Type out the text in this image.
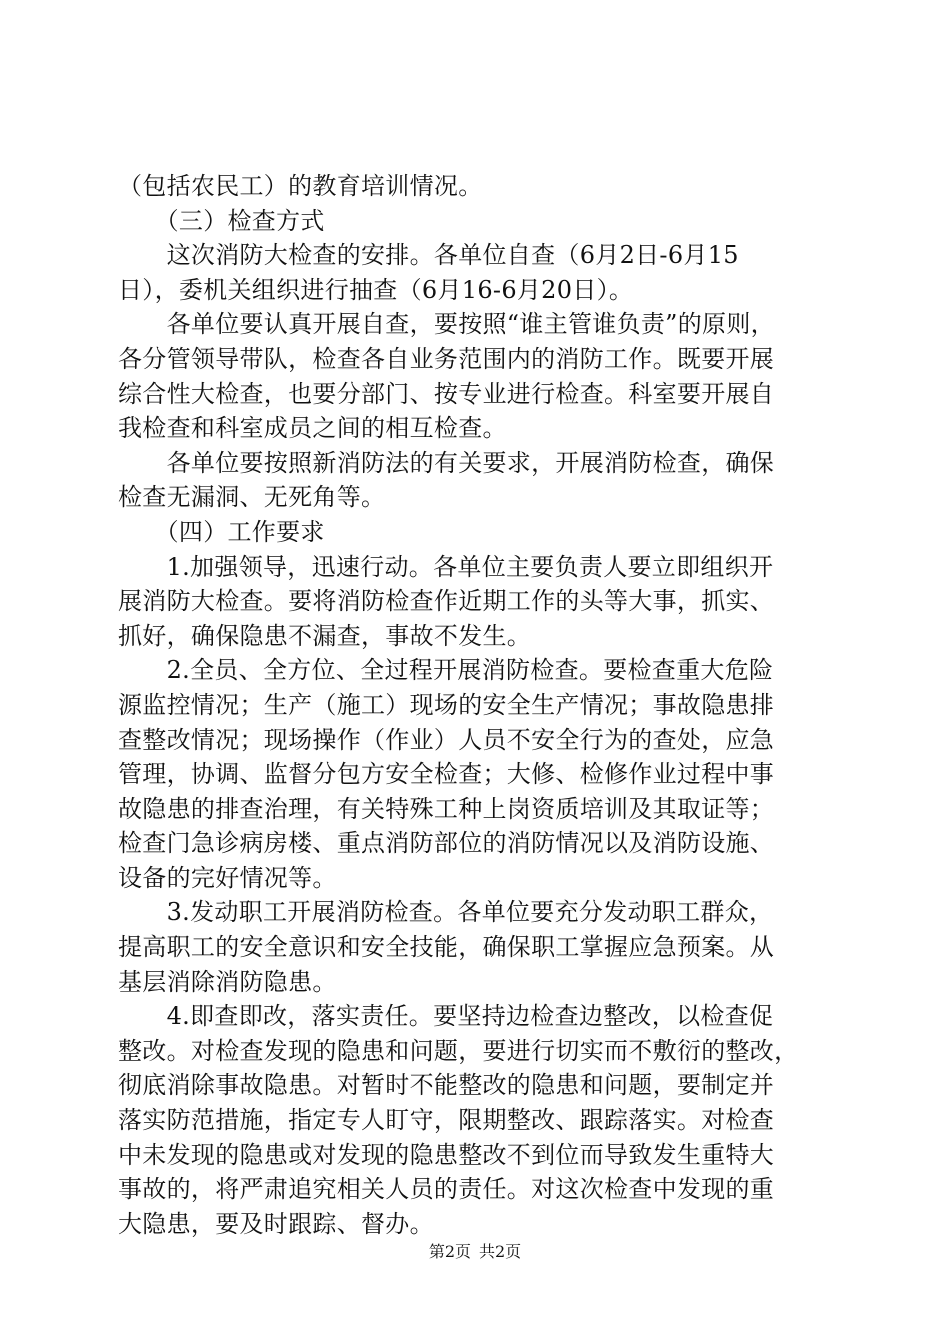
（包括农民工）的教育培训情况。
　　（三）检查方式
　　这次消防大检查的安排。各单位自查（6月2日-6月15
日），委机关组织进行抽查（6月16-6月20日）。
　　各单位要认真开展自查，要按照“谁主管谁负责”的原则，
各分管领导带队，检查各自业务范围内的消防工作。既要开展
综合性大检查，也要分部门、按专业进行检查。科室要开展自
我检查和科室成员之间的相互检查。
　　各单位要按照新消防法的有关要求，开展消防检查，确保
检查无漏洞、无死角等。
　　（四）工作要求
　　1.加强领导，迅速行动。各单位主要负责人要立即组织开
展消防大检查。要将消防检查作近期工作的头等大事，抓实、
抓好，确保隐患不漏查，事故不发生。
　　2.全员、全方位、全过程开展消防检查。要检查重大危险
源监控情况；生产（施工）现场的安全生产情况；事故隐患排
查整改情况；现场操作（作业）人员不安全行为的查处，应急
管理，协调、监督分包方安全检查；大修、检修作业过程中事
故隐患的排查治理，有关特殊工种上岗资质培训及其取证等；
检查门急诊病房楼、重点消防部位的消防情况以及消防设施、
设备的完好情况等。
　　3.发动职工开展消防检查。各单位要充分发动职工群众，
提高职工的安全意识和安全技能，确保职工掌握应急预案。从
基层消除消防隐患。
　　4.即查即改，落实责任。要坚持边检查边整改，以检查促
整改。对检查发现的隐患和问题，要进行切实而不敷衍的整改，
彻底消除事故隐患。对暂时不能整改的隐患和问题，要制定并
落实防范措施，指定专人盯守，限期整改、跟踪落实。对检查
中未发现的隐患或对发现的隐患整改不到位而导致发生重特大
事故的，将严肃追究相关人员的责任。对这次检查中发现的重
大隐患，要及时跟踪、督办。
第2页 共2页
